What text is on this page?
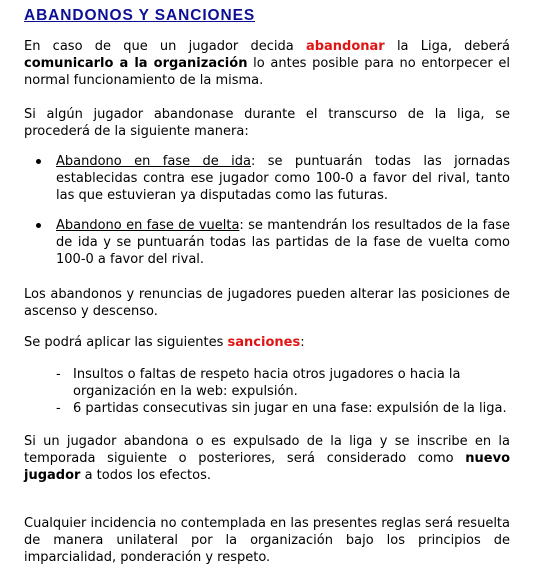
ABANDONOS Y SANCIONES

En caso de que un jugador decida abandonar la Liga, deberá comunicarlo a la organización lo antes posible para no entorpecer el normal funcionamiento de la misma.

Si algún jugador abandonase durante el transcurso de la liga, se procederá de la siguiente manera:

Abandono en fase de ida: se puntuarán todas las jornadas establecidas contra ese jugador como 100-0 a favor del rival, tanto las que estuvieran ya disputadas como las futuras.

Abandono en fase de vuelta: se mantendrán los resultados de la fase de ida y se puntuarán todas las partidas de la fase de vuelta como 100-0 a favor del rival.

Los abandonos y renuncias de jugadores pueden alterar las posiciones de ascenso y descenso.

Se podrá aplicar las siguientes sanciones:

- Insultos o faltas de respeto hacia otros jugadores o hacia la organización en la web: expulsión.

- 6 partidas consecutivas sin jugar en una fase: expulsión de la liga.

Si un jugador abandona o es expulsado de la liga y se inscribe en la temporada siguiente o posteriores, será considerado como nuevo jugador a todos los efectos.

Cualquier incidencia no contemplada en las presentes reglas será resuelta de manera unilateral por la organización bajo los principios de imparcialidad, ponderación y respeto.
